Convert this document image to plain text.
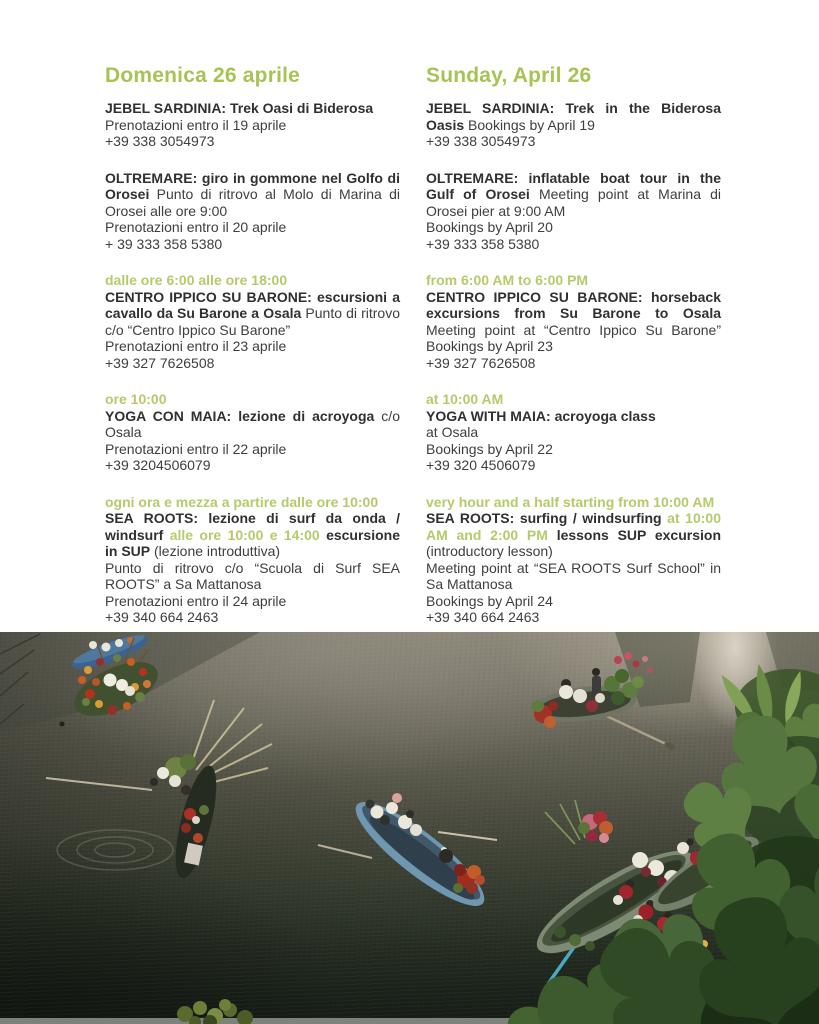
Domenica 26 aprile

JEBEL SARDINIA: Trek Oasi di Biderosa

Prenotazioni entro il 19 aprile

+39 338 3054973

OLTREMARE: giro in gommone nel Golfo di Orosei Punto di ritrovo al Molo di Marina di Orosei alle ore 9:00

Prenotazioni entro il 20 aprile

+ 39 333 358 5380

dalle ore 6:00 alle ore 18:00

CENTRO IPPICO SU BARONE: escursioni a cavallo da Su Barone a Osala Punto di ritrovo c/o “Centro Ippico Su Barone”

Prenotazioni entro il 23 aprile

+39 327 7626508

ore 10:00

YOGA CON MAIA: lezione di acroyoga c/o Osala

Prenotazioni entro il 22 aprile

+39 3204506079

ogni ora e mezza a partire dalle ore 10:00

SEA ROOTS: lezione di surf da onda / windsurf alle ore 10:00 e 14:00 escursione in SUP (lezione introduttiva)

Punto di ritrovo c/o “Scuola di Surf SEA ROOTS” a Sa Mattanosa

Prenotazioni entro il 24 aprile

+39 340 664 2463

Sunday, April 26

JEBEL SARDINIA: Trek in the Biderosa Oasis Bookings by April 19

+39 338 3054973

OLTREMARE: inflatable boat tour in the Gulf of Orosei Meeting point at Marina di Orosei pier at 9:00 AM

Bookings by April 20

+39 333 358 5380

from 6:00 AM to 6:00 PM

CENTRO IPPICO SU BARONE: horseback excursions from Su Barone to Osala Meeting point at “Centro Ippico Su Barone” Bookings by April 23

+39 327 7626508

at 10:00 AM

YOGA WITH MAIA: acroyoga class

at Osala

Bookings by April 22

+39 320 4506079

very hour and a half starting from 10:00 AM

SEA ROOTS: surfing / windsurfing at 10:00 AM and 2:00 PM lessons SUP excursion (introductory lesson)

Meeting point at “SEA ROOTS Surf School” in Sa Mattanosa

Bookings by April 24

+39 340 664 2463
